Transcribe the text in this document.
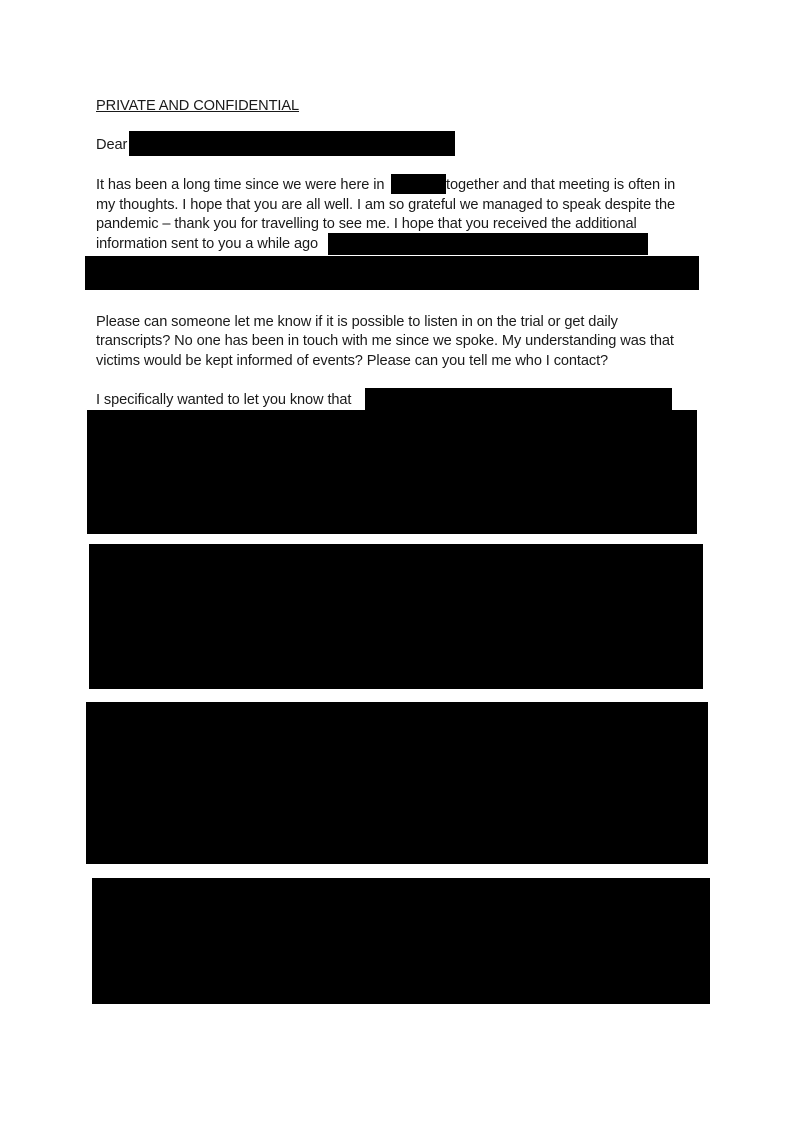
PRIVATE AND CONFIDENTIAL
Dear
It has been a long time since we were here in	together and that meeting is often in
my thoughts. I hope that you are all well. I am so grateful we managed to speak despite the
pandemic – thank you for travelling to see me. I hope that you received the additional
information sent to you a while ago
Please can someone let me know if it is possible to listen in on the trial or get daily
transcripts? No one has been in touch with me since we spoke. My understanding was that
victims would be kept informed of events? Please can you tell me who I contact?
I specifically wanted to let you know that
